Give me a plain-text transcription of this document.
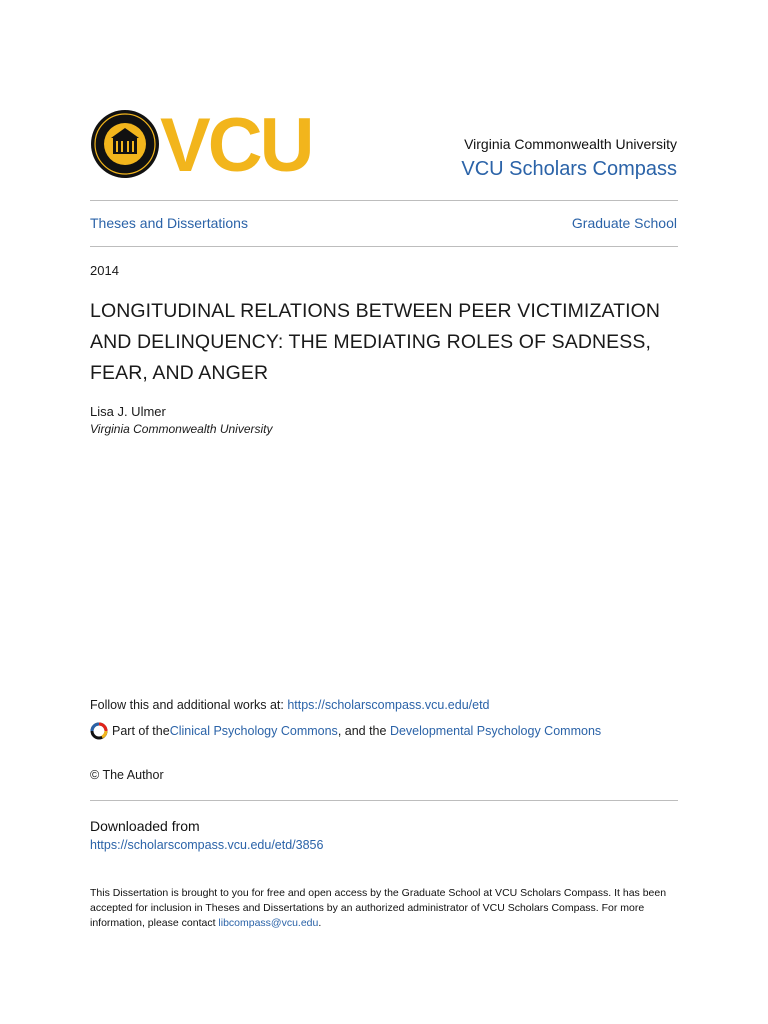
VCU	Virginia Commonwealth University
VCU Scholars Compass
Theses and Dissertations	Graduate School
2014
LONGITUDINAL RELATIONS BETWEEN PEER VICTIMIZATION AND DELINQUENCY: THE MEDIATING ROLES OF SADNESS, FEAR, AND ANGER
Lisa J. Ulmer
Virginia Commonwealth University
Follow this and additional works at: https://scholarscompass.vcu.edu/etd
Part of the Clinical Psychology Commons , and the Developmental Psychology Commons
© The Author
Downloaded from
https://scholarscompass.vcu.edu/etd/3856
This Dissertation is brought to you for free and open access by the Graduate School at VCU Scholars Compass. It has been accepted for inclusion in Theses and Dissertations by an authorized administrator of VCU Scholars Compass. For more information, please contact libcompass@vcu.edu.
